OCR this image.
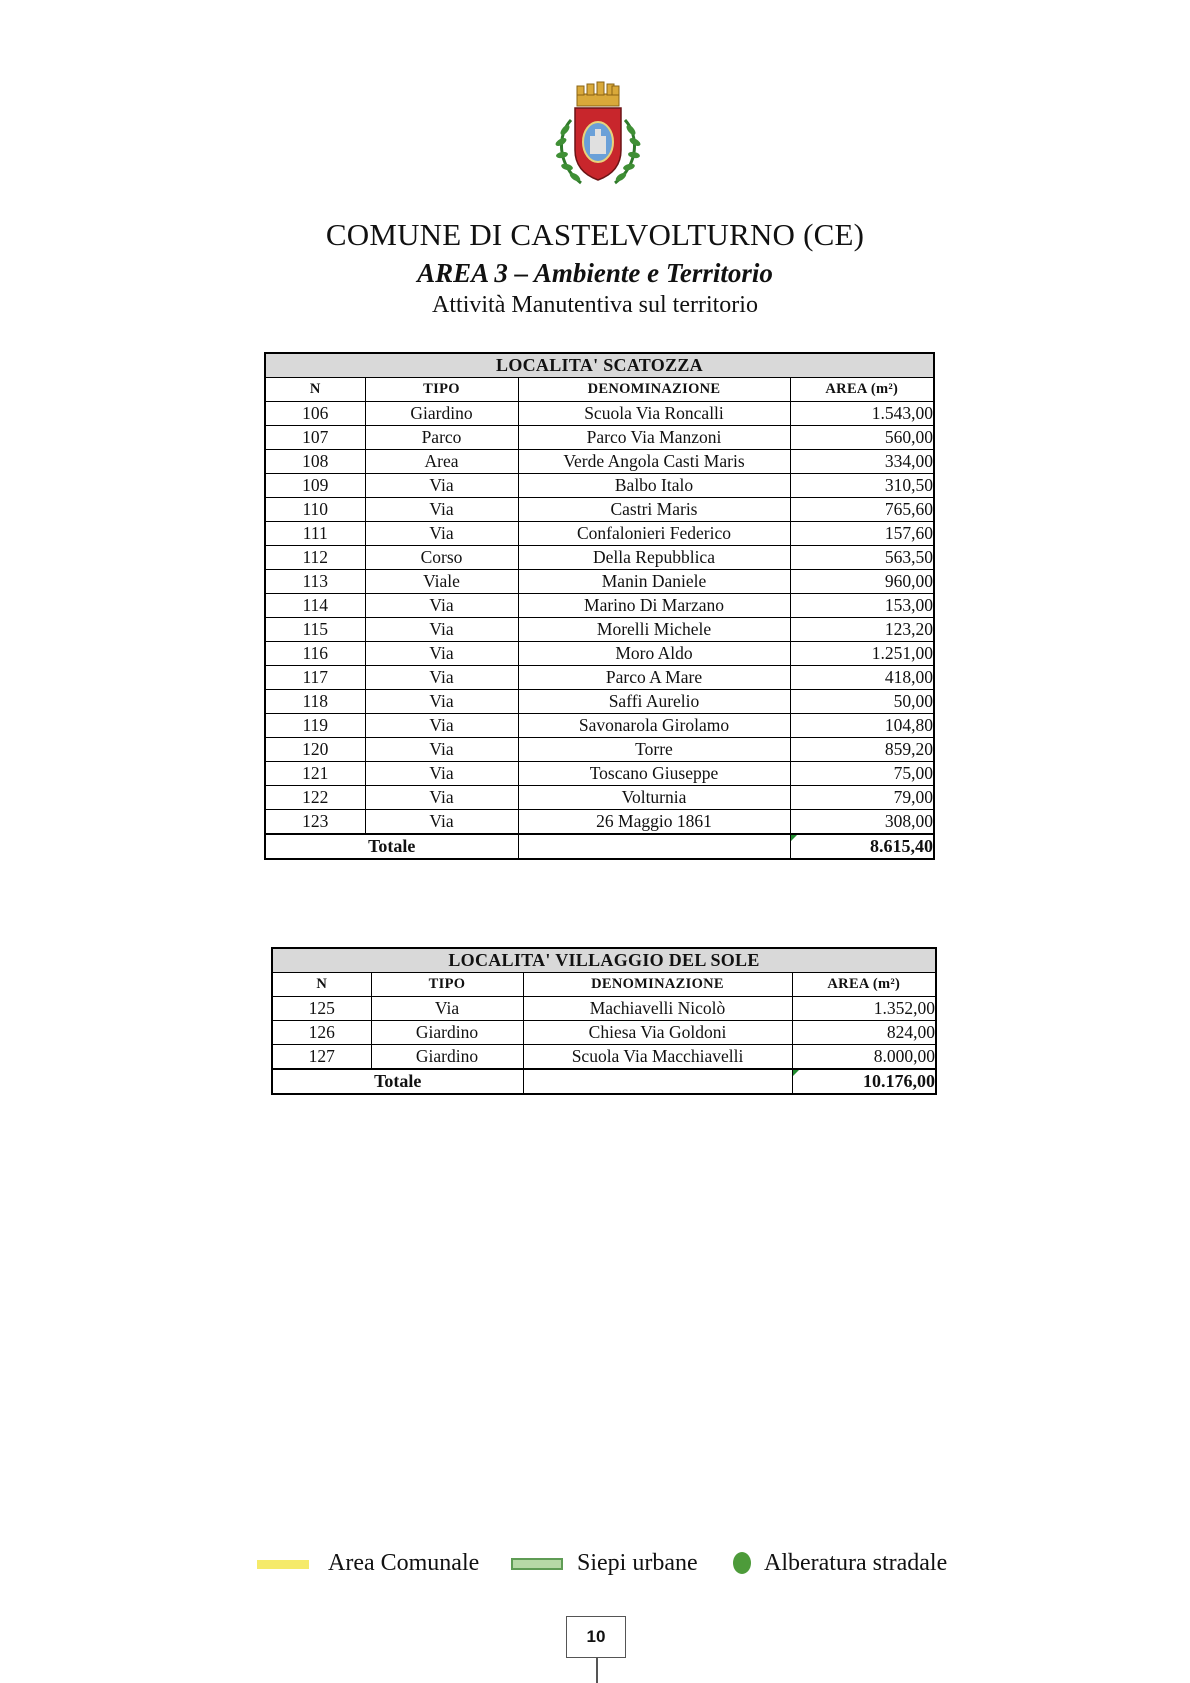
COMUNE DI CASTELVOLTURNO (CE)
AREA 3 – Ambiente e Territorio
Attività Manutentiva sul territorio
LOCALITA' SCATOZZA			
N	TIPO	DENOMINAZIONE	AREA (m²)
106	Giardino	Scuola Via Roncalli	1.543,00
107	Parco	Parco Via Manzoni	560,00
108	Area	Verde Angola Casti Maris	334,00
109	Via	Balbo Italo	310,50
110	Via	Castri Maris	765,60
111	Via	Confalonieri Federico	157,60
112	Corso	Della Repubblica	563,50
113	Viale	Manin Daniele	960,00
114	Via	Marino Di Marzano	153,00
115	Via	Morelli Michele	123,20
116	Via	Moro Aldo	1.251,00
117	Via	Parco A Mare	418,00
118	Via	Saffi Aurelio	50,00
119	Via	Savonarola Girolamo	104,80
120	Via	Torre	859,20
121	Via	Toscano Giuseppe	75,00
122	Via	Volturnia	79,00
123	Via	26 Maggio 1861	308,00
Totale			8.615,40
LOCALITA' VILLAGGIO DEL SOLE			
N	TIPO	DENOMINAZIONE	AREA (m²)
125	Via	Machiavelli Nicolò	1.352,00
126	Giardino	Chiesa Via Goldoni	824,00
127	Giardino	Scuola Via Macchiavelli	8.000,00
Totale			10.176,00
Area Comunale	Siepi urbane	Alberatura stradale
10
